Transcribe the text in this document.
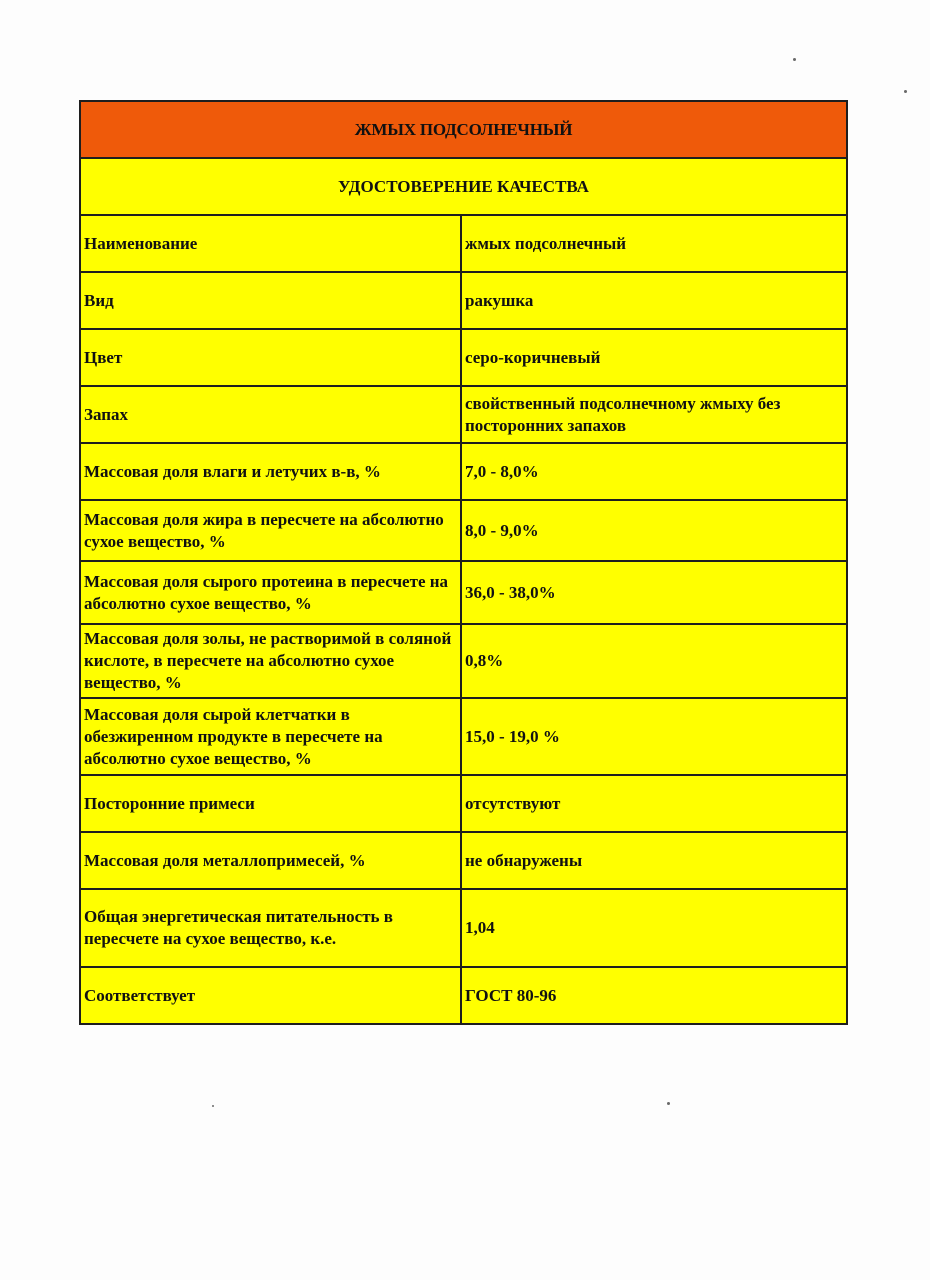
ЖМЫХ ПОДСОЛНЕЧНЫЙ	
УДОСТОВЕРЕНИЕ КАЧЕСТВА	
Наименование	жмых подсолнечный
Вид	ракушка
Цвет	серо-коричневый
Запах	свойственный подсолнечному жмыху без посторонних запахов
Массовая доля влаги и летучих в-в, %	7,0 - 8,0%
Массовая доля жира в пересчете на абсолютно сухое вещество, %	8,0 - 9,0%
Массовая доля сырого протеина в пересчете на абсолютно сухое вещество, %	36,0 - 38,0%
Массовая доля золы, не растворимой в соляной кислоте, в пересчете на абсолютно сухое вещество, %	0,8%
Массовая доля сырой клетчатки в обезжиренном продукте в пересчете на абсолютно сухое вещество, %	15,0 - 19,0 %
Посторонние примеси	отсутствуют
Массовая доля металлопримесей, %	не обнаружены
Общая энергетическая питательность в пересчете на сухое вещество, к.е.	1,04
Соответствует	ГОСТ 80-96
